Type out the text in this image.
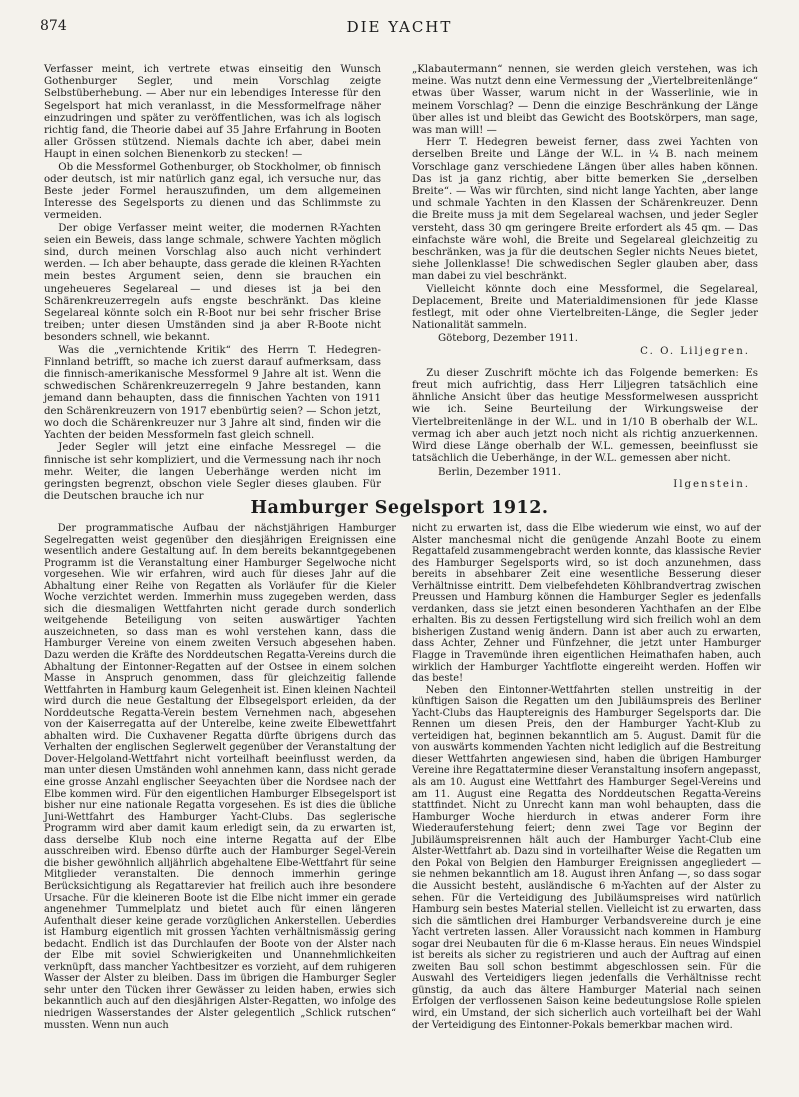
874	DIE YACHT

Verfasser meint, ich vertrete etwas einseitig den Wunsch Gothenburger Segler, und mein Vorschlag zeigte Selbstüberhebung. — Aber nur ein lebendiges Interesse für den Segelsport hat mich veranlasst, in die Messformelfrage näher einzudringen und später zu veröffentlichen, was ich als logisch richtig fand, die Theorie dabei auf 35 Jahre Erfahrung in Booten aller Grössen stützend. Niemals dachte ich aber, dabei mein Haupt in einen solchen Bienenkorb zu stecken! —

Ob die Messformel Gothenburger, ob Stockholmer, ob finnisch oder deutsch, ist mir natürlich ganz egal, ich versuche nur, das Beste jeder Formel herauszufinden, um dem allgemeinen Interesse des Segelsports zu dienen und das Schlimmste zu vermeiden.

Der obige Verfasser meint weiter, die modernen R-Yachten seien ein Beweis, dass lange schmale, schwere Yachten möglich sind, durch meinen Vorschlag also auch nicht verhindert werden. — Ich aber behaupte, dass gerade die kleinen R-Yachten mein bestes Argument seien, denn sie brauchen ein ungeheueres Segelareal — und dieses ist ja bei den Schärenkreuzerregeln aufs engste beschränkt. Das kleine Segelareal könnte solch ein R-Boot nur bei sehr frischer Brise treiben; unter diesen Umständen sind ja aber R-Boote nicht besonders schnell, wie bekannt.

Was die „vernichtende Kritik“ des Herrn T. Hedegren-Finnland betrifft, so mache ich zuerst darauf aufmerksam, dass die finnisch-amerikanische Messformel 9 Jahre alt ist. Wenn die schwedischen Schärenkreuzerregeln 9 Jahre bestanden, kann jemand dann behaupten, dass die finnischen Yachten von 1911 den Schärenkreuzern von 1917 ebenbürtig seien? — Schon jetzt, wo doch die Schärenkreuzer nur 3 Jahre alt sind, finden wir die Yachten der beiden Messformeln fast gleich schnell.

Jeder Segler will jetzt eine einfache Messregel — die finnische ist sehr kompliziert, und die Vermessung nach ihr noch mehr. Weiter, die langen Ueberhänge werden nicht im geringsten begrenzt, obschon viele Segler dieses glauben. Für die Deutschen brauche ich nur

„Klabautermann“ nennen, sie werden gleich verstehen, was ich meine. Was nutzt denn eine Vermessung der „Viertelbreitenlänge“ etwas über Wasser, warum nicht in der Wasserlinie, wie in meinem Vorschlag? — Denn die einzige Beschränkung der Länge über alles ist und bleibt das Gewicht des Bootskörpers, man sage, was man will! —

Herr T. Hedegren beweist ferner, dass zwei Yachten von derselben Breite und Länge der W.L. in ¼ B. nach meinem Vorschlage ganz verschiedene Längen über alles haben können. Das ist ja ganz richtig, aber bitte bemerken Sie „derselben Breite“. — Was wir fürchten, sind nicht lange Yachten, aber lange und schmale Yachten in den Klassen der Schärenkreuzer. Denn die Breite muss ja mit dem Segelareal wachsen, und jeder Segler versteht, dass 30 qm geringere Breite erfordert als 45 qm. — Das einfachste wäre wohl, die Breite und Segelareal gleichzeitig zu beschränken, was ja für die deutschen Segler nichts Neues bietet, siehe Jollenklasse! Die schwedischen Segler glauben aber, dass man dabei zu viel beschränkt.

Vielleicht könnte doch eine Messformel, die Segelareal, Deplacement, Breite und Materialdimensionen für jede Klasse festlegt, mit oder ohne Viertelbreiten-Länge, die Segler jeder Nationalität sammeln.

Göteborg, Dezember 1911.
C. O. Liljegren.

Zu dieser Zuschrift möchte ich das Folgende bemerken: Es freut mich aufrichtig, dass Herr Liljegren tatsächlich eine ähnliche Ansicht über das heutige Messformelwesen ausspricht wie ich. Seine Beurteilung der Wirkungsweise der Viertelbreitenlänge in der W.L. und in 1/10 B oberhalb der W.L. vermag ich aber auch jetzt noch nicht als richtig anzuerkennen. Wird diese Länge oberhalb der W.L. gemessen, beeinflusst sie tatsächlich die Ueberhänge, in der W.L. gemessen aber nicht.

Berlin, Dezember 1911.
Ilgenstein.
Hamburger Segelsport 1912.

Der programmatische Aufbau der nächstjährigen Hamburger Segelregatten weist gegenüber den diesjährigen Ereignissen eine wesentlich andere Gestaltung auf. In dem bereits bekanntgegebenen Programm ist die Veranstaltung einer Hamburger Segelwoche nicht vorgesehen. Wie wir erfahren, wird auch für dieses Jahr auf die Abhaltung einer Reihe von Regatten als Vorläufer für die Kieler Woche verzichtet werden. Immerhin muss zugegeben werden, dass sich die diesmaligen Wettfahrten nicht gerade durch sonderlich weitgehende Beteiligung von seiten auswärtiger Yachten auszeichneten, so dass man es wohl verstehen kann, dass die Hamburger Vereine von einem zweiten Versuch abgesehen haben. Dazu werden die Kräfte des Norddeutschen Regatta-Vereins durch die Abhaltung der Eintonner-Regatten auf der Ostsee in einem solchen Masse in Anspruch genommen, dass für gleichzeitig fallende Wettfahrten in Hamburg kaum Gelegenheit ist. Einen kleinen Nachteil wird durch die neue Gestaltung der Elbsegelsport erleiden, da der Norddeutsche Regatta-Verein bestem Vernehmen nach, abgesehen von der Kaiserregatta auf der Unterelbe, keine zweite Elbewettfahrt abhalten wird. Die Cuxhavener Regatta dürfte übrigens durch das Verhalten der englischen Seglerwelt gegenüber der Veranstaltung der Dover-Helgoland-Wettfahrt nicht vorteilhaft beeinflusst werden, da man unter diesen Umständen wohl annehmen kann, dass nicht gerade eine grosse Anzahl englischer Seeyachten über die Nordsee nach der Elbe kommen wird. Für den eigentlichen Hamburger Elbsegelsport ist bisher nur eine nationale Regatta vorgesehen. Es ist dies die übliche Juni-Wettfahrt des Hamburger Yacht-Clubs. Das seglerische Programm wird aber damit kaum erledigt sein, da zu erwarten ist, dass derselbe Klub noch eine interne Regatta auf der Elbe ausschreiben wird. Ebenso dürfte auch der Hamburger Segel-Verein die bisher gewöhnlich alljährlich abgehaltene Elbe-Wettfahrt für seine Mitglieder veranstalten. Die dennoch immerhin geringe Berücksichtigung als Regattarevier hat freilich auch ihre besondere Ursache. Für die kleineren Boote ist die Elbe nicht immer ein gerade angenehmer Tummelplatz und bietet auch für einen längeren Aufenthalt dieser keine gerade vorzüglichen Ankerstellen. Ueberdies ist Hamburg eigentlich mit grossen Yachten verhältnismässig gering bedacht. Endlich ist das Durchlaufen der Boote von der Alster nach der Elbe mit soviel Schwierigkeiten und Unannehmlichkeiten verknüpft, dass mancher Yachtbesitzer es vorzieht, auf dem ruhigeren Wasser der Alster zu bleiben. Dass im übrigen die Hamburger Segler sehr unter den Tücken ihrer Gewässer zu leiden haben, erwies sich bekanntlich auch auf den diesjährigen Alster-Regatten, wo infolge des niedrigen Wasserstandes der Alster gelegentlich „Schlick rutschen“ mussten. Wenn nun auch

nicht zu erwarten ist, dass die Elbe wiederum wie einst, wo auf der Alster manchesmal nicht die genügende Anzahl Boote zu einem Regattafeld zusammengebracht werden konnte, das klassische Revier des Hamburger Segelsports wird, so ist doch anzunehmen, dass bereits in absehbarer Zeit eine wesentliche Besserung dieser Verhältnisse eintritt. Dem vielbefehdeten Köhlbrandvertrag zwischen Preussen und Hamburg können die Hamburger Segler es jedenfalls verdanken, dass sie jetzt einen besonderen Yachthafen an der Elbe erhalten. Bis zu dessen Fertigstellung wird sich freilich wohl an dem bisherigen Zustand wenig ändern. Dann ist aber auch zu erwarten, dass Achter, Zehner und Fünfzehner, die jetzt unter Hamburger Flagge in Travemünde ihren eigentlichen Heimathafen haben, auch wirklich der Hamburger Yachtflotte eingereiht werden. Hoffen wir das beste!

Neben den Eintonner-Wettfahrten stellen unstreitig in der künftigen Saison die Regatten um den Jubiläumspreis des Berliner Yacht-Clubs das Hauptereignis des Hamburger Segelsports dar. Die Rennen um diesen Preis, den der Hamburger Yacht-Klub zu verteidigen hat, beginnen bekanntlich am 5. August. Damit für die von auswärts kommenden Yachten nicht lediglich auf die Bestreitung dieser Wettfahrten angewiesen sind, haben die übrigen Hamburger Vereine ihre Regattatermine dieser Veranstaltung insofern angepasst, als am 10. August eine Wettfahrt des Hamburger Segel-Vereins und am 11. August eine Regatta des Norddeutschen Regatta-Vereins stattfindet. Nicht zu Unrecht kann man wohl behaupten, dass die Hamburger Woche hierdurch in etwas anderer Form ihre Wiederauferstehung feiert; denn zwei Tage vor Beginn der Jubiläumspreisrennen hält auch der Hamburger Yacht-Club eine Alster-Wettfahrt ab. Dazu sind in vorteilhafter Weise die Regatten um den Pokal von Belgien den Hamburger Ereignissen angegliedert — sie nehmen bekanntlich am 18. August ihren Anfang —, so dass sogar die Aussicht besteht, ausländische 6 m-Yachten auf der Alster zu sehen. Für die Verteidigung des Jubiläumspreises wird natürlich Hamburg sein bestes Material stellen. Vielleicht ist zu erwarten, dass sich die sämtlichen drei Hamburger Verbandsvereine durch je eine Yacht vertreten lassen. Aller Voraussicht nach kommen in Hamburg sogar drei Neubauten für die 6 m-Klasse heraus. Ein neues Windspiel ist bereits als sicher zu registrieren und auch der Auftrag auf einen zweiten Bau soll schon bestimmt abgeschlossen sein. Für die Auswahl des Verteidigers liegen jedenfalls die Verhältnisse recht günstig, da auch das ältere Hamburger Material nach seinen Erfolgen der verflossenen Saison keine bedeutungslose Rolle spielen wird, ein Umstand, der sich sicherlich auch vorteilhaft bei der Wahl der Verteidigung des Eintonner-Pokals bemerkbar machen wird.
